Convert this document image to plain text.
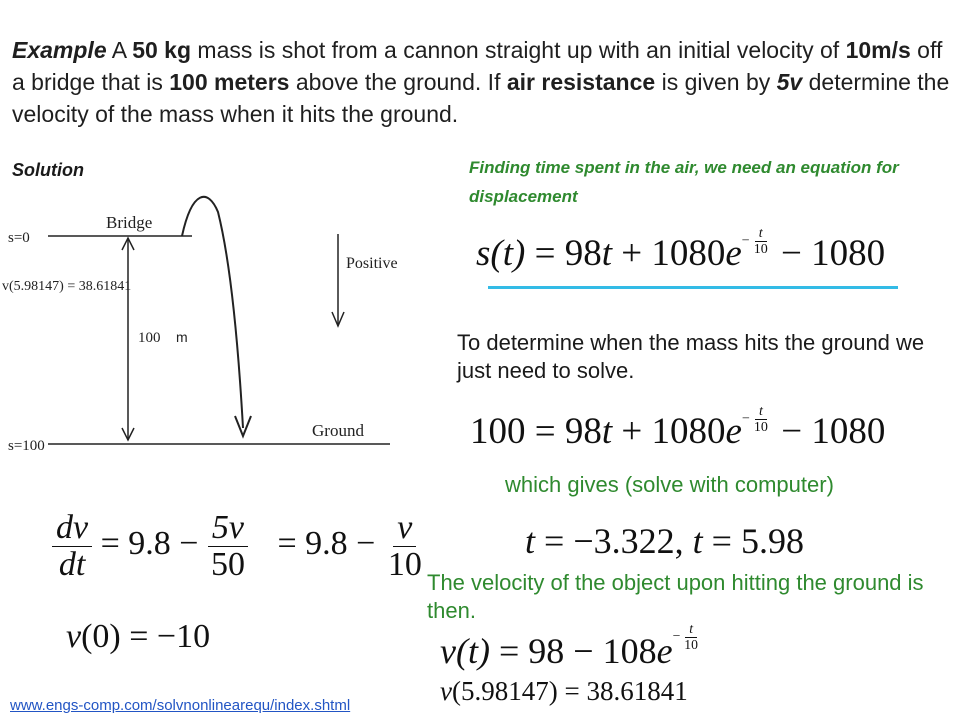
Example A 50 kg mass is shot from a cannon straight up with an initial velocity of 10m/s off a bridge that is 100 meters above the ground. If air resistance is given by 5v determine the velocity of the mass when it hits the ground.
Solution
Bridge
s=0
Positive
100 m
Ground
s=100
v(5.98147) = 38.61841
Finding time spent in the air, we need an equation for displacement
$s(t) = 98t + 1080e- \frac{t}{10} - 1080$
To determine when the mass hits the ground we just need to solve.
$100 = 98t + 1080e- \frac{t}{10} - 1080$
which gives (solve with computer)
t = −3.322, t = 5.98
$\frac{dv}{dt} = 9.8 - \frac{5v}{50} = 9.8 - \frac{v}{10}$
v(0) = −10
The velocity of the object upon hitting the ground is then.
$v(t) = 98 - 108e- \frac{t}{10}$
v(5.98147) = 38.61841
www.engs-comp.com/solvnonlinearequ/index.shtml
